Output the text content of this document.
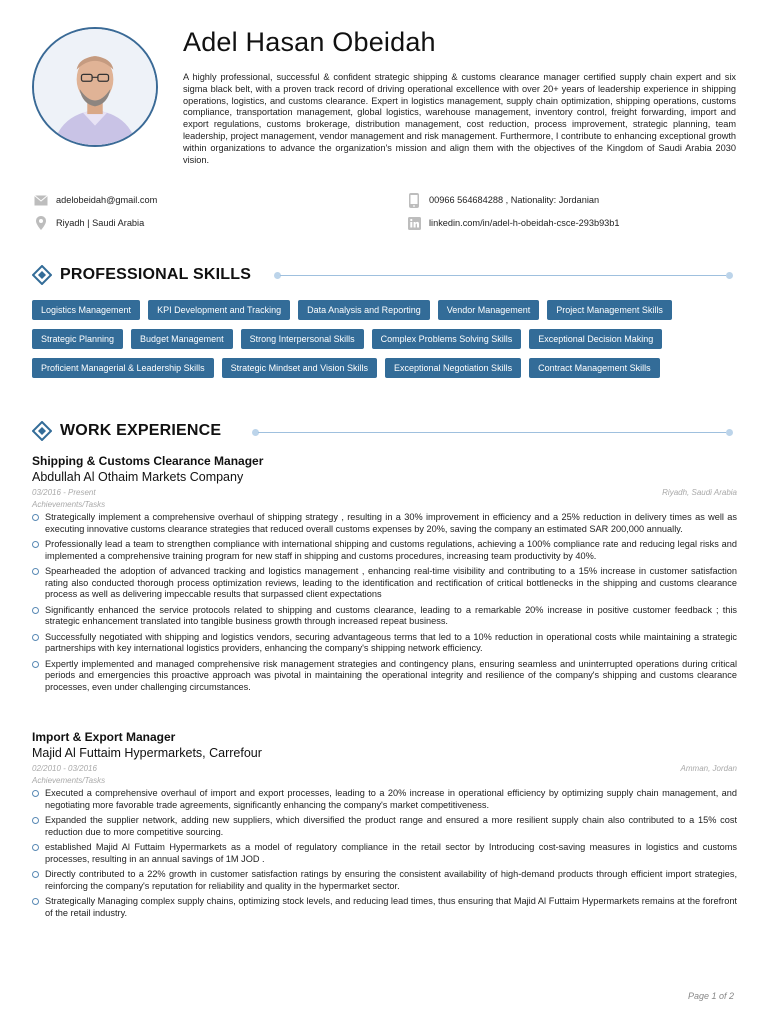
Adel Hasan Obeidah
A highly professional, successful & confident strategic shipping & customs clearance manager certified supply chain expert and six sigma black belt, with a proven track record of driving operational excellence with over 20+ years of leadership experience in shipping operations, logistics, and customs clearance. Expert in logistics management, supply chain optimization, shipping operations, customs compliance, transportation management, global logistics, warehouse management, inventory control, freight forwarding, import and export regulations, customs brokerage, distribution management, cost reduction, process improvement, strategic planning, team leadership, project management, vendor management and risk management. Furthermore, I contribute to enhancing exceptional growth within organizations to advance the organization's mission and align them with the objectives of the Kingdom of Saudi Arabia 2030 vision.
adelobeidah@gmail.com
Riyadh | Saudi Arabia
00966 564684288 , Nationality: Jordanian
linkedin.com/in/adel-h-obeidah-csce-293b93b1
PROFESSIONAL SKILLS
Logistics Management	KPI Development and Tracking	Data Analysis and Reporting	Vendor Management	Project Management Skills
Strategic Planning	Budget Management	Strong Interpersonal Skills	Complex Problems Solving Skills	Exceptional Decision Making
Proficient Managerial & Leadership Skills	Strategic Mindset and Vision Skills	Exceptional Negotiation Skills	Contract Management Skills
WORK EXPERIENCE
Shipping & Customs Clearance Manager
Abdullah Al Othaim Markets Company
03/2016 - Present	Riyadh, Saudi Arabia
Achievements/Tasks
Strategically implement a comprehensive overhaul of shipping strategy , resulting in a 30% improvement in efficiency and a 25% reduction in delivery times as well as executing innovative customs clearance strategies that reduced overall customs expenses by 20%, saving the company an estimated SAR 200,000 annually.
Professionally lead a team to strengthen compliance with international shipping and customs regulations, achieving a 100% compliance rate and reducing legal risks and implemented a comprehensive training program for new staff in shipping and customs procedures, increasing team productivity by 40%.
Spearheaded the adoption of advanced tracking and logistics management , enhancing real-time visibility and contributing to a 15% increase in customer satisfaction rating also conducted thorough process optimization reviews, leading to the identification and rectification of critical bottlenecks in the shipping and customs clearance process as well as delivering impeccable results that surpassed client expectations
Significantly enhanced the service protocols related to shipping and customs clearance, leading to a remarkable 20% increase in positive customer feedback ; this strategic enhancement translated into tangible business growth through increased repeat business.
Successfully negotiated with shipping and logistics vendors, securing advantageous terms that led to a 10% reduction in operational costs while maintaining a strategic partnerships with key international logistics providers, enhancing the company's shipping network efficiency.
Expertly implemented and managed comprehensive risk management strategies and contingency plans, ensuring seamless and uninterrupted operations during critical periods and emergencies this proactive approach was pivotal in maintaining the operational integrity and resilience of the company's shipping and customs clearance processes, even under challenging circumstances.
Import & Export Manager
Majid Al Futtaim Hypermarkets, Carrefour
02/2010 - 03/2016	Amman, Jordan
Achievements/Tasks
Executed a comprehensive overhaul of import and export processes, leading to a 20% increase in operational efficiency by optimizing supply chain management, and negotiating more favorable trade agreements, significantly enhancing the company's market competitiveness.
Expanded the supplier network, adding new suppliers, which diversified the product range and ensured a more resilient supply chain also contributed to a 15% cost reduction due to more competitive sourcing.
established Majid Al Futtaim Hypermarkets as a model of regulatory compliance in the retail sector by Introducing cost-saving measures in logistics and customs processes, resulting in an annual savings of 1M JOD .
Directly contributed to a 22% growth in customer satisfaction ratings by ensuring the consistent availability of high-demand products through efficient import strategies, reinforcing the company's reputation for reliability and quality in the hypermarket sector.
Strategically Managing complex supply chains, optimizing stock levels, and reducing lead times, thus ensuring that Majid Al Futtaim Hypermarkets remains at the forefront of the retail industry.
Page 1 of 2
